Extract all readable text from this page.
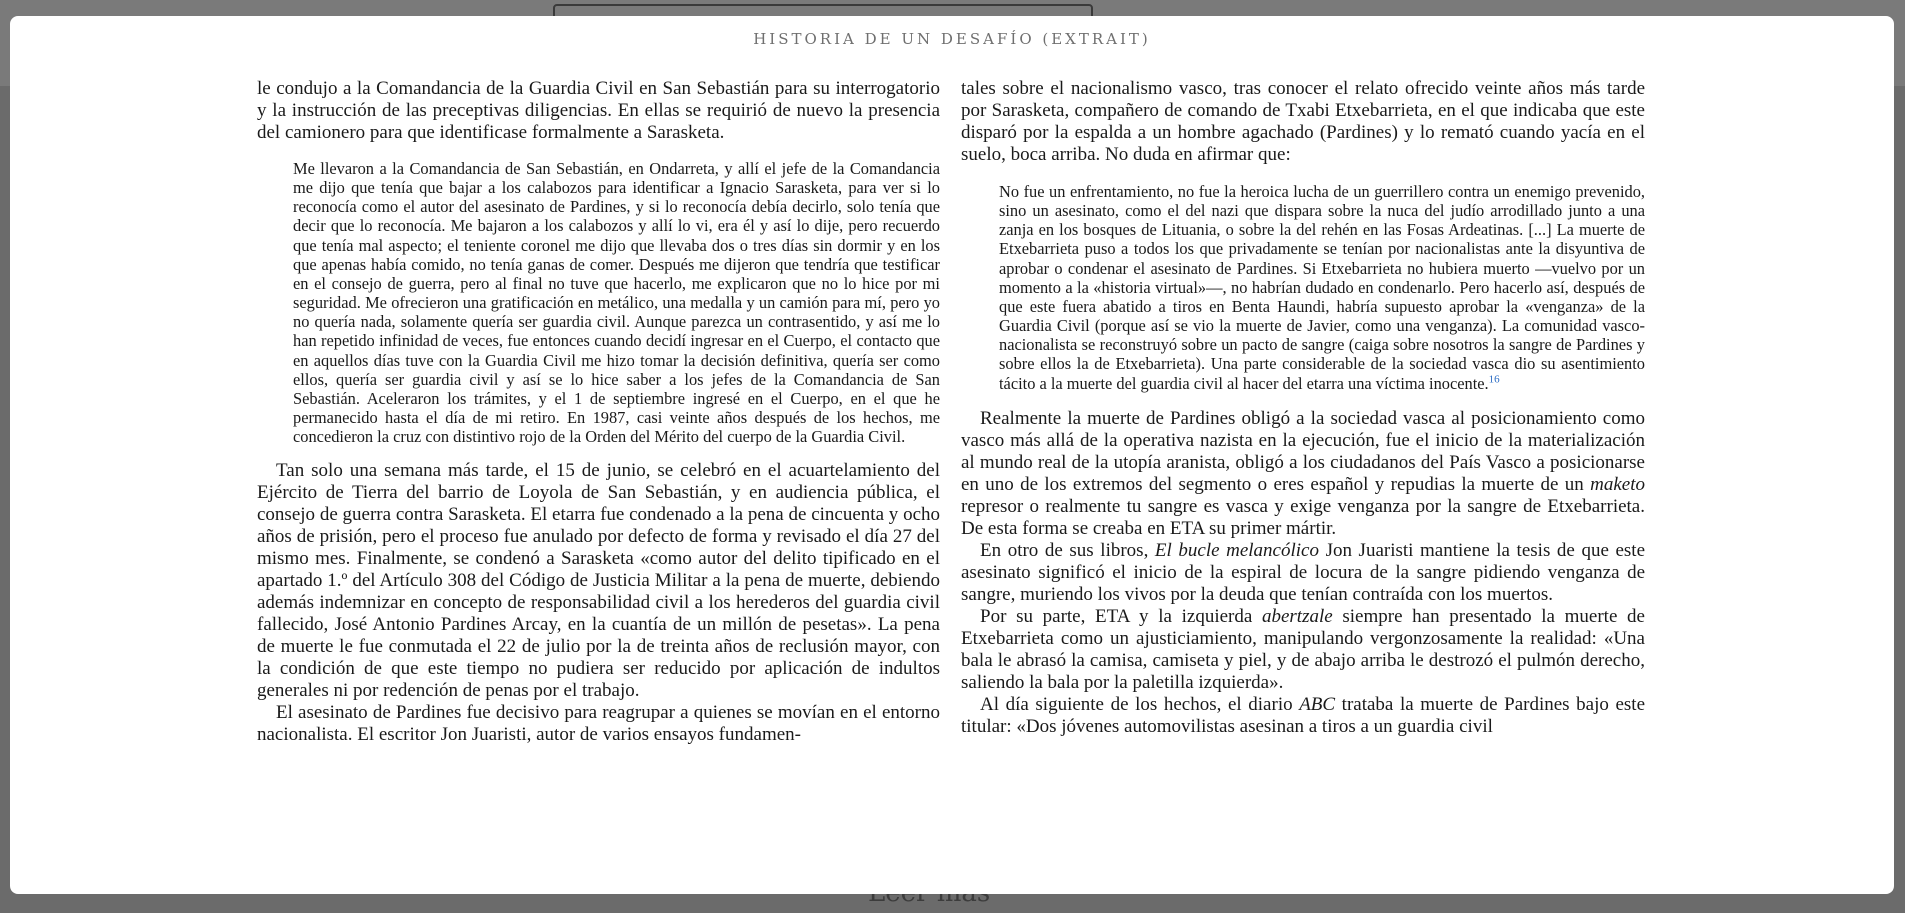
HISTORIA DE UN DESAFÍO (EXTRAIT)

le condujo a la Comandancia de la Guardia Civil en San Sebastián para su interrogatorio y la instrucción de las preceptivas diligencias. En ellas se requirió de nuevo la presencia del camionero para que identificase formalmente a Sarasketa.

Me llevaron a la Comandancia de San Sebastián, en Ondarreta, y allí el jefe de la Comandancia me dijo que tenía que bajar a los calabozos para identificar a Ignacio Sarasketa, para ver si lo reconocía como el autor del asesinato de Pardines, y si lo reconocía debía decirlo, solo tenía que decir que lo reconocía. Me bajaron a los calabozos y allí lo vi, era él y así lo dije, pero recuerdo que tenía mal aspecto; el teniente coronel me dijo que llevaba dos o tres días sin dormir y en los que apenas había comido, no tenía ganas de comer. Después me dijeron que tendría que testificar en el consejo de guerra, pero al final no tuve que hacerlo, me explicaron que no lo hice por mi seguridad. Me ofrecieron una gratificación en metálico, una medalla y un camión para mí, pero yo no quería nada, solamente quería ser guardia civil. Aunque parezca un contrasentido, y así me lo han repetido infinidad de veces, fue entonces cuando decidí ingresar en el Cuerpo, el contacto que en aquellos días tuve con la Guardia Civil me hizo tomar la decisión definitiva, quería ser como ellos, quería ser guardia civil y así se lo hice saber a los jefes de la Comandancia de San Sebastián. Aceleraron los trámites, y el 1 de septiembre ingresé en el Cuerpo, en el que he permanecido hasta el día de mi retiro. En 1987, casi veinte años después de los hechos, me concedieron la cruz con distintivo rojo de la Orden del Mérito del cuerpo de la Guardia Civil.

Tan solo una semana más tarde, el 15 de junio, se celebró en el acuartelamiento del Ejército de Tierra del barrio de Loyola de San Sebastián, y en audiencia pública, el consejo de guerra contra Sarasketa. El etarra fue condenado a la pena de cincuenta y ocho años de prisión, pero el proceso fue anulado por defecto de forma y revisado el día 27 del mismo mes. Finalmente, se condenó a Sarasketa «como autor del delito tipificado en el apartado 1.º del Artículo 308 del Código de Justicia Militar a la pena de muerte, debiendo además indemnizar en concepto de responsabilidad civil a los herederos del guardia civil fallecido, José Antonio Pardines Arcay, en la cuantía de un millón de pesetas». La pena de muerte le fue conmutada el 22 de julio por la de treinta años de reclusión mayor, con la condición de que este tiempo no pudiera ser reducido por aplicación de indultos generales ni por redención de penas por el trabajo.

El asesinato de Pardines fue decisivo para reagrupar a quienes se movían en el entorno nacionalista. El escritor Jon Juaristi, autor de varios ensayos fundamen-

tales sobre el nacionalismo vasco, tras conocer el relato ofrecido veinte años más tarde por Sarasketa, compañero de comando de Txabi Etxebarrieta, en el que indicaba que este disparó por la espalda a un hombre agachado (Pardines) y lo remató cuando yacía en el suelo, boca arriba. No duda en afirmar que:

No fue un enfrentamiento, no fue la heroica lucha de un guerrillero contra un enemigo prevenido, sino un asesinato, como el del nazi que dispara sobre la nuca del judío arrodillado junto a una zanja en los bosques de Lituania, o sobre la del rehén en las Fosas Ardeatinas. [...] La muerte de Etxebarrieta puso a todos los que privadamente se tenían por nacionalistas ante la disyuntiva de aprobar o condenar el asesinato de Pardines. Si Etxebarrieta no hubiera muerto —vuelvo por un momento a la «historia virtual»—, no habrían dudado en condenarlo. Pero hacerlo así, después de que este fuera abatido a tiros en Benta Haundi, habría supuesto aprobar la «venganza» de la Guardia Civil (porque así se vio la muerte de Javier, como una venganza). La comunidad vasco-nacionalista se reconstruyó sobre un pacto de sangre (caiga sobre nosotros la sangre de Pardines y sobre ellos la de Etxebarrieta). Una parte considerable de la sociedad vasca dio su asentimiento tácito a la muerte del guardia civil al hacer del etarra una víctima inocente.$^{16}$

Realmente la muerte de Pardines obligó a la sociedad vasca al posicionamiento como vasco más allá de la operativa nazista en la ejecución, fue el inicio de la materialización al mundo real de la utopía aranista, obligó a los ciudadanos del País Vasco a posicionarse en uno de los extremos del segmento o eres español y repudias la muerte de un maketo represor o realmente tu sangre es vasca y exige venganza por la sangre de Etxebarrieta. De esta forma se creaba en ETA su primer mártir.

En otro de sus libros, El bucle melancólico Jon Juaristi mantiene la tesis de que este asesinato significó el inicio de la espiral de locura de la sangre pidiendo venganza de sangre, muriendo los vivos por la deuda que tenían contraída con los muertos.

Por su parte, ETA y la izquierda abertzale siempre han presentado la muerte de Etxebarrieta como un ajusticiamiento, manipulando vergonzosamente la realidad: «Una bala le abrasó la camisa, camiseta y piel, y de abajo arriba le destrozó el pulmón derecho, saliendo la bala por la paletilla izquierda».

Al día siguiente de los hechos, el diario ABC trataba la muerte de Pardines bajo este titular: «Dos jóvenes automovilistas asesinan a tiros a un guardia civil
